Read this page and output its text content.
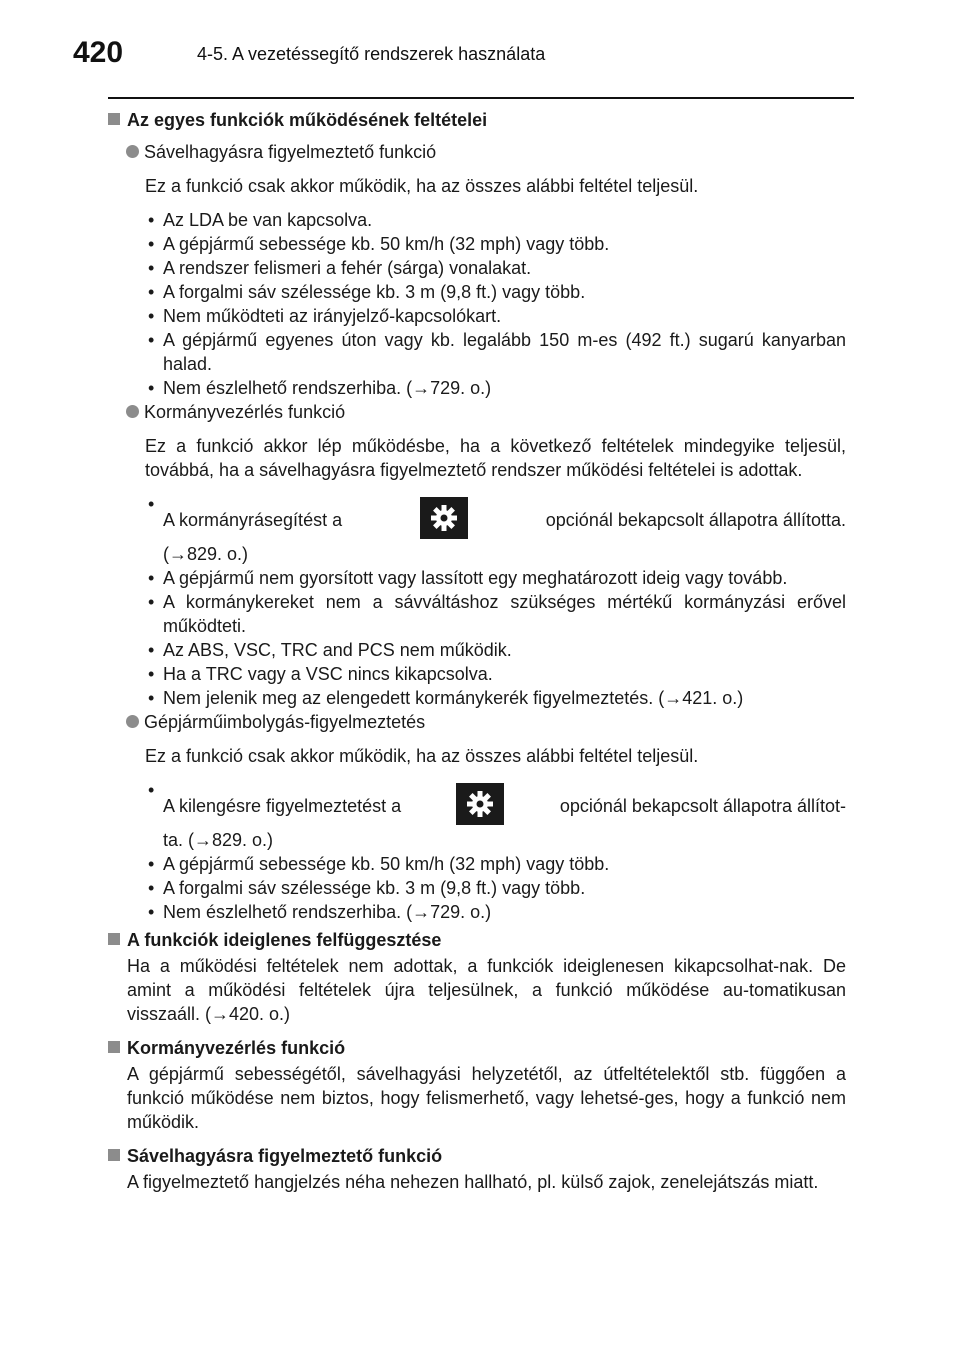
420	4-5. A vezetéssegítő rendszerek használata
Az egyes funkciók működésének feltételei
Sávelhagyásra figyelmeztető funkció
Ez a funkció csak akkor működik, ha az összes alábbi feltétel teljesül.
• Az LDA be van kapcsolva.
• A gépjármű sebessége kb. 50 km/h (32 mph) vagy több.
• A rendszer felismeri a fehér (sárga) vonalakat.
• A forgalmi sáv szélessége kb. 3 m (9,8 ft.) vagy több.
• Nem működteti az irányjelző-kapcsolókart.
• A gépjármű egyenes úton vagy kb. legalább 150 m-es (492 ft.) sugarú kanyarban halad.
• Nem észlelhető rendszerhiba. (→729. o.)
Kormányvezérlés funkció
Ez a funkció akkor lép működésbe, ha a következő feltételek mindegyike teljesül, továbbá, ha a sávelhagyásra figyelmeztető rendszer működési feltételei is adottak.
• A kormányrásegítést a	opciónál bekapcsolt állapotra állította.
(→829. o.)
• A gépjármű nem gyorsított vagy lassított egy meghatározott ideig vagy tovább.
• A kormánykereket nem a sávváltáshoz szükséges mértékű kormányzási erővel működteti.
• Az ABS, VSC, TRC and PCS nem működik.
• Ha a TRC vagy a VSC nincs kikapcsolva.
• Nem jelenik meg az elengedett kormánykerék figyelmeztetés. (→421. o.)
Gépjárműimbolygás-figyelmeztetés
Ez a funkció csak akkor működik, ha az összes alábbi feltétel teljesül.
• A kilengésre figyelmeztetést a	opciónál bekapcsolt állapotra állítot-
ta. (→829. o.)
• A gépjármű sebessége kb. 50 km/h (32 mph) vagy több.
• A forgalmi sáv szélessége kb. 3 m (9,8 ft.) vagy több.
• Nem észlelhető rendszerhiba. (→729. o.)
A funkciók ideiglenes felfüggesztése
Ha a működési feltételek nem adottak, a funkciók ideiglenesen kikapcsolhat-nak. De amint a működési feltételek újra teljesülnek, a funkció működése au-tomatikusan visszaáll. (→420. o.)
Kormányvezérlés funkció
A gépjármű sebességétől, sávelhagyási helyzetétől, az útfeltételektől stb. függően a funkció működése nem biztos, hogy felismerhető, vagy lehetsé-ges, hogy a funkció nem működik.
Sávelhagyásra figyelmeztető funkció
A figyelmeztető hangjelzés néha nehezen hallható, pl. külső zajok, zenelejátszás miatt.
